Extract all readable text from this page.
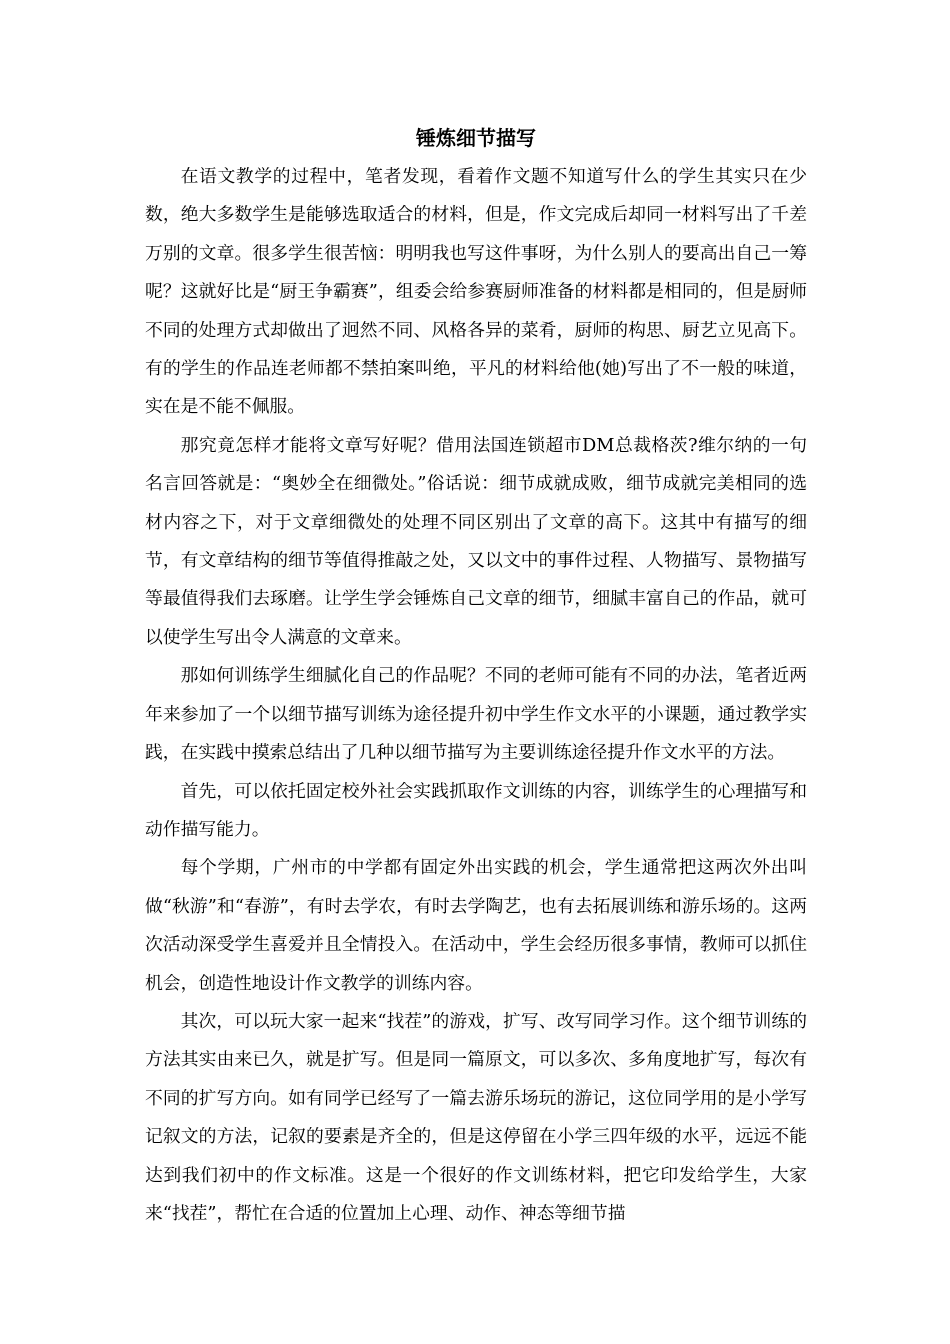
锤炼细节描写

在语文教学的过程中，笔者发现，看着作文题不知道写什么的学生其实只在少数，绝大多数学生是能够选取适合的材料，但是，作文完成后却同一材料写出了千差万别的文章。很多学生很苦恼：明明我也写这件事呀，为什么别人的要高出自己一筹呢？这就好比是“厨王争霸赛”，组委会给参赛厨师准备的材料都是相同的，但是厨师不同的处理方式却做出了迥然不同、风格各异的菜肴，厨师的构思、厨艺立见高下。有的学生的作品连老师都不禁拍案叫绝，平凡的材料给他(她)写出了不一般的味道，实在是不能不佩服。

那究竟怎样才能将文章写好呢？借用法国连锁超市DM总裁格茨?维尔纳的一句名言回答就是：“奥妙全在细微处。”俗话说：细节成就成败，细节成就完美相同的选材内容之下，对于文章细微处的处理不同区别出了文章的高下。这其中有描写的细节，有文章结构的细节等值得推敲之处，又以文中的事件过程、人物描写、景物描写等最值得我们去琢磨。让学生学会锤炼自己文章的细节，细腻丰富自己的作品，就可以使学生写出令人满意的文章来。

那如何训练学生细腻化自己的作品呢？不同的老师可能有不同的办法，笔者近两年来参加了一个以细节描写训练为途径提升初中学生作文水平的小课题，通过教学实践，在实践中摸索总结出了几种以细节描写为主要训练途径提升作文水平的方法。

首先，可以依托固定校外社会实践抓取作文训练的内容，训练学生的心理描写和动作描写能力。

每个学期，广州市的中学都有固定外出实践的机会，学生通常把这两次外出叫做“秋游”和“春游”，有时去学农，有时去学陶艺，也有去拓展训练和游乐场的。这两次活动深受学生喜爱并且全情投入。在活动中，学生会经历很多事情，教师可以抓住机会，创造性地设计作文教学的训练内容。

其次，可以玩大家一起来“找茬”的游戏，扩写、改写同学习作。这个细节训练的方法其实由来已久，就是扩写。但是同一篇原文，可以多次、多角度地扩写，每次有不同的扩写方向。如有同学已经写了一篇去游乐场玩的游记，这位同学用的是小学写记叙文的方法，记叙的要素是齐全的，但是这停留在小学三四年级的水平，远远不能达到我们初中的作文标准。这是一个很好的作文训练材料，把它印发给学生，大家来“找茬”，帮忙在合适的位置加上心理、动作、神态等细节描
